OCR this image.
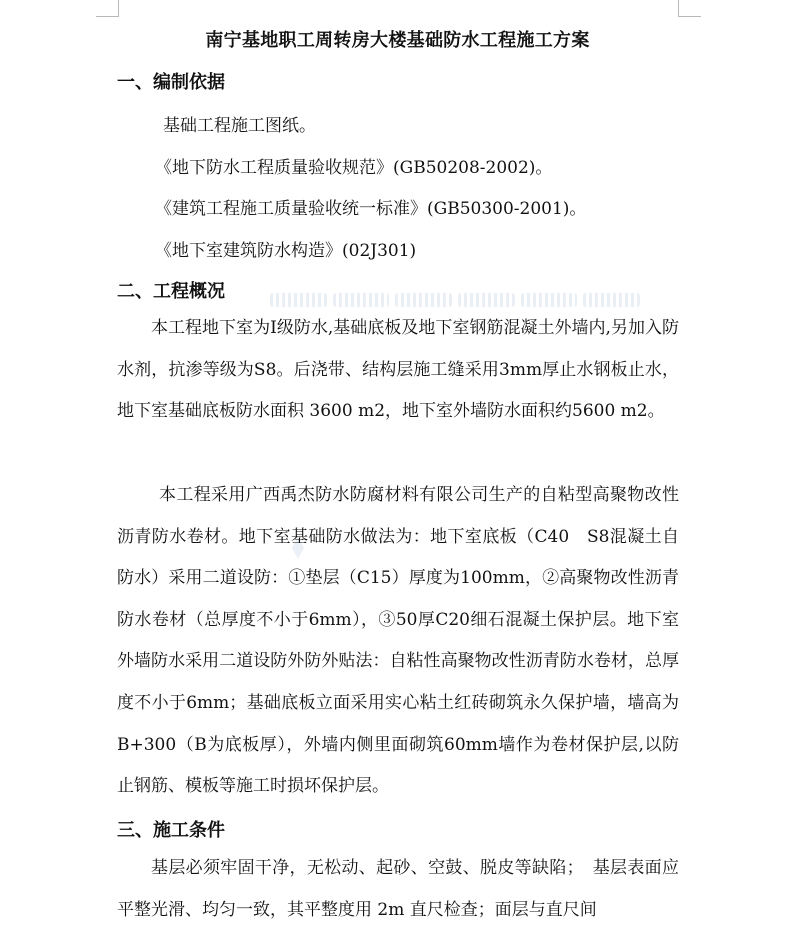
南宁基地职工周转房大楼基础防水工程施工方案
一、编制依据
基础工程施工图纸。
《地下防水工程质量验收规范》(GB50208-2002)。
《建筑工程施工质量验收统一标准》(GB50300-2001)。
《地下室建筑防水构造》(02J301)
二、工程概况

本工程地下室为Ⅰ级防水,基础底板及地下室钢筋混凝土外墙内,另加入防水剂，抗渗等级为S8。后浇带、结构层施工缝采用3mm厚止水钢板止水，地下室基础底板防水面积 3600 m2，地下室外墙防水面积约5600 m2。

本工程采用广西禹杰防水防腐材料有限公司生产的自粘型高聚物改性沥青防水卷材。地下室基础防水做法为：地下室底板（C40　S8混凝土自防水）采用二道设防：①垫层（C15）厚度为100mm，②高聚物改性沥青防水卷材（总厚度不小于6mm），③50厚C20细石混凝土保护层。地下室外墙防水采用二道设防外防外贴法：自粘性高聚物改性沥青防水卷材，总厚度不小于6mm；基础底板立面采用实心粘土红砖砌筑永久保护墙，墙高为B+300（B为底板厚），外墙内侧里面砌筑60mm墙作为卷材保护层,以防止钢筋、模板等施工时损坏保护层。

三、施工条件

基层必须牢固干净，无松动、起砂、空鼓、脱皮等缺陷；　基层表面应平整光滑、均匀一致，其平整度用 2m 直尺检查；面层与直尺间
